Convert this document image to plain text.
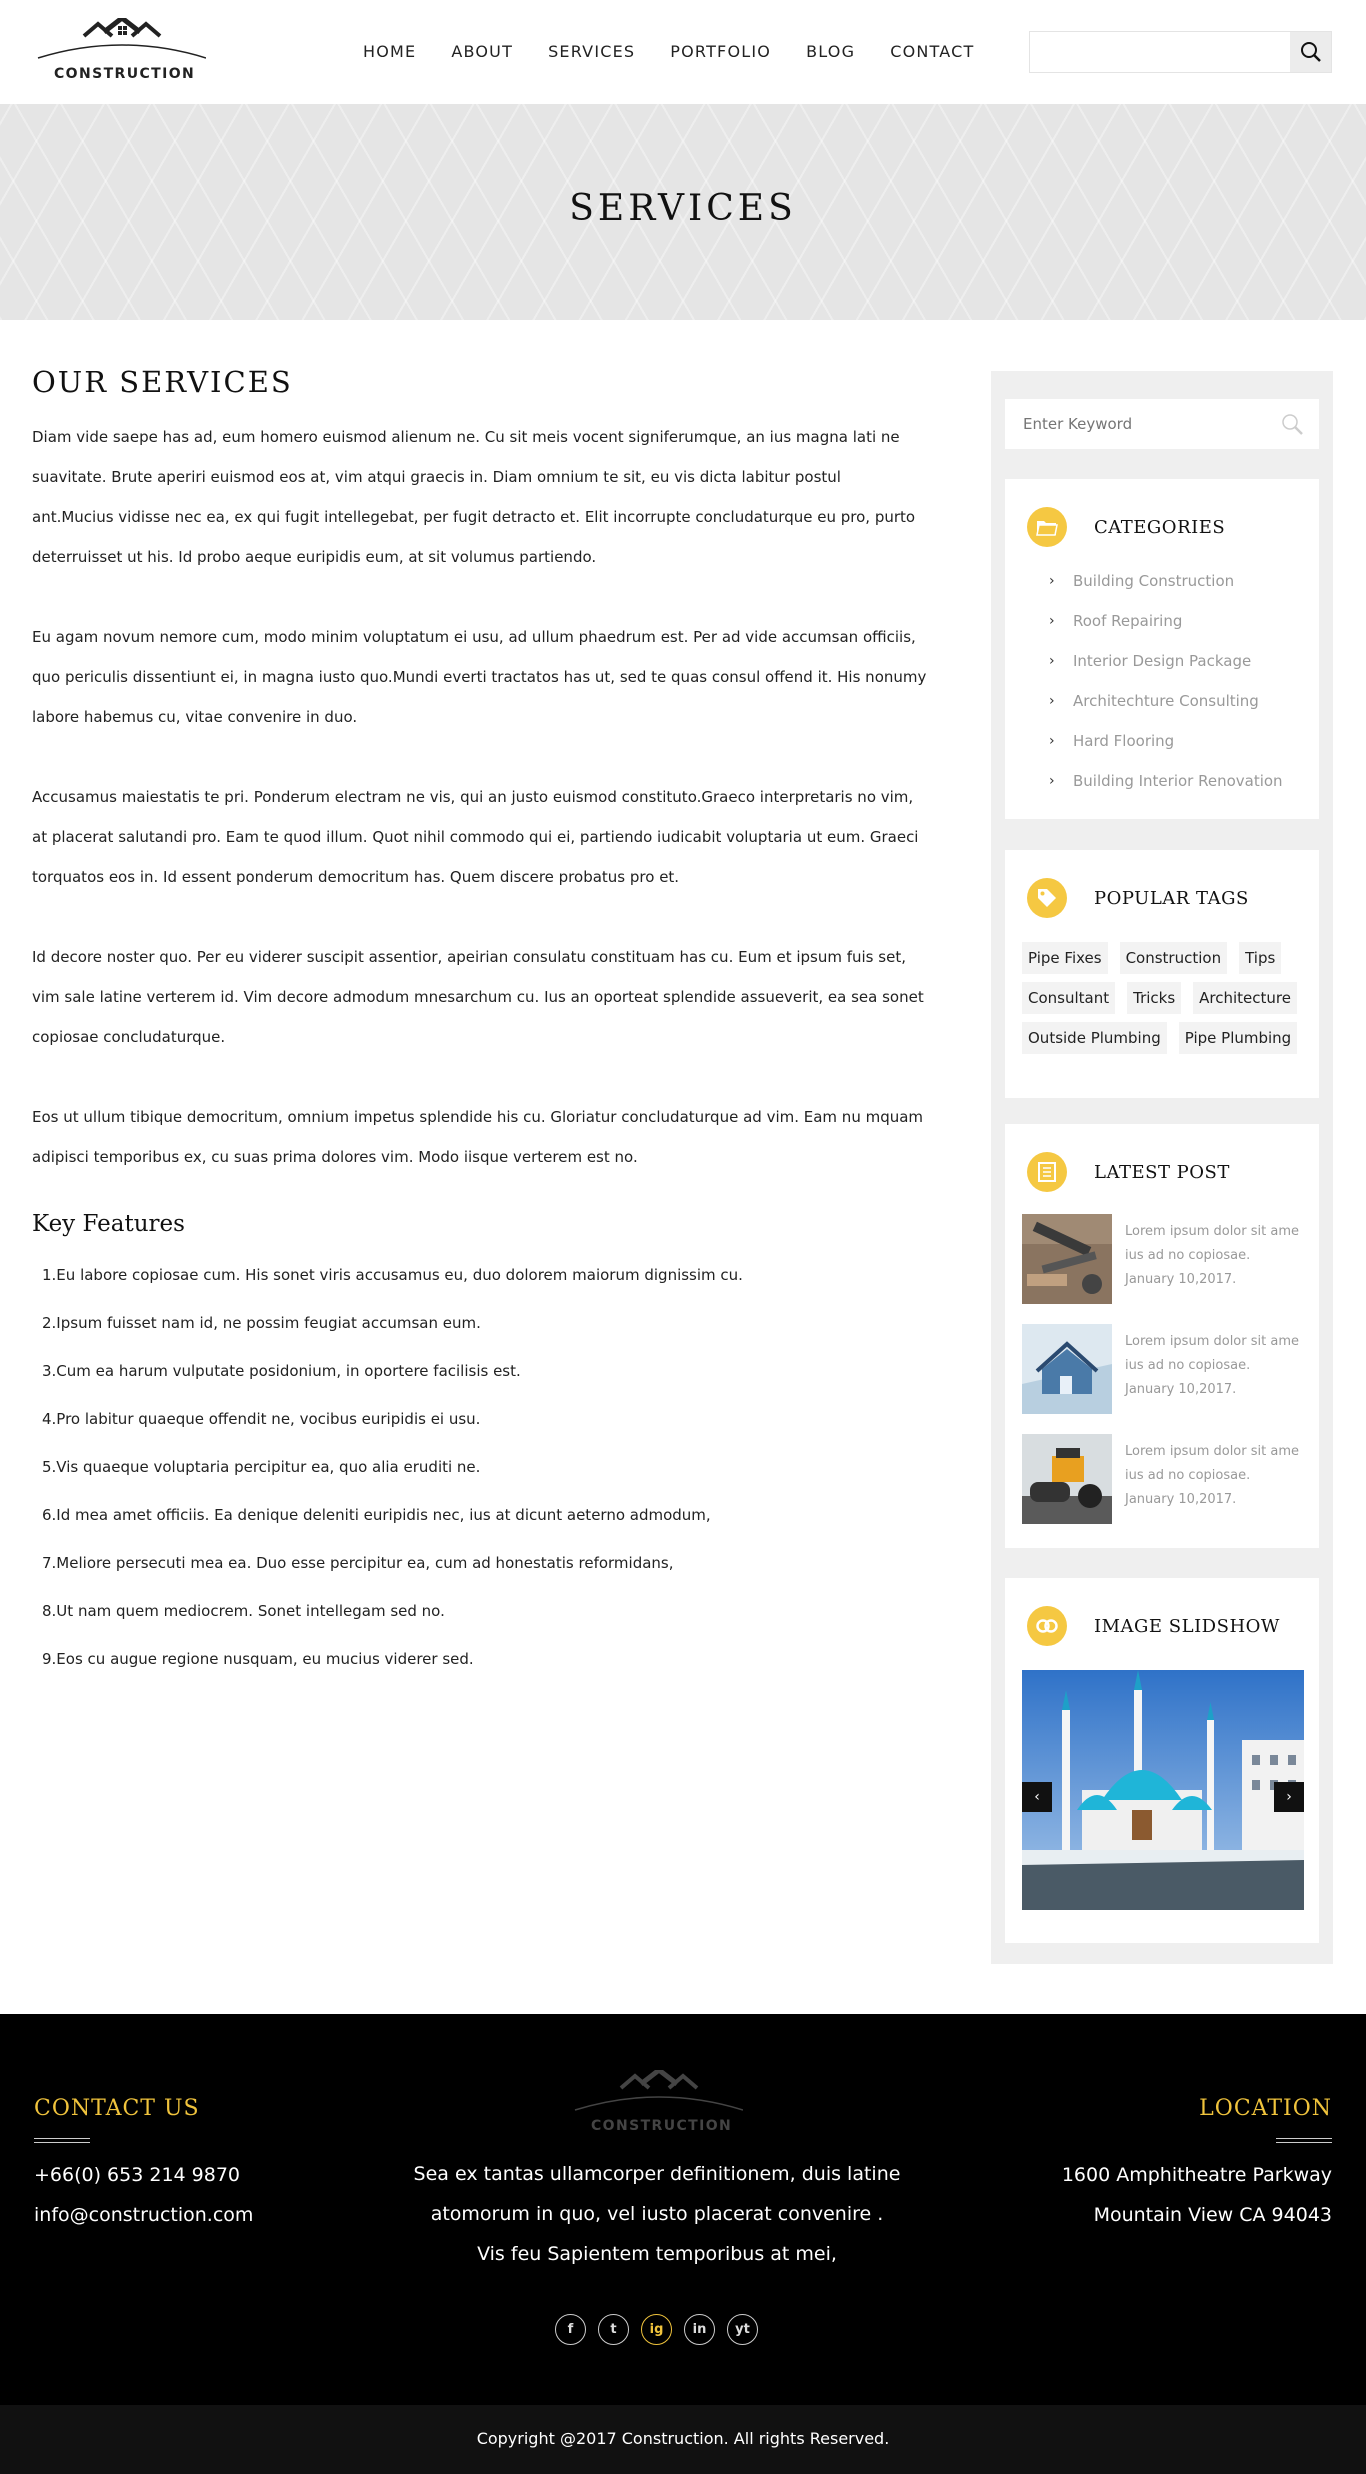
CONSTRUCTION
HOME ABOUT SERVICES PORTFOLIO BLOG CONTACT
SERVICES
OUR SERVICES

Diam vide saepe has ad, eum homero euismod alienum ne. Cu sit meis vocent signiferumque, an ius magna lati ne suavitate. Brute aperiri euismod eos at, vim atqui graecis in. Diam omnium te sit, eu vis dicta labitur postul ant.Mucius vidisse nec ea, ex qui fugit intellegebat, per fugit detracto et. Elit incorrupte concludaturque eu pro, purto deterruisset ut his. Id probo aeque euripidis eum, at sit volumus partiendo.

Eu agam novum nemore cum, modo minim voluptatum ei usu, ad ullum phaedrum est. Per ad vide accumsan officiis, quo periculis dissentiunt ei, in magna iusto quo.Mundi everti tractatos has ut, sed te quas consul offend it. His nonumy labore habemus cu, vitae convenire in duo.

Accusamus maiestatis te pri. Ponderum electram ne vis, qui an justo euismod constituto.Graeco interpretaris no vim, at placerat salutandi pro. Eam te quod illum. Quot nihil commodo qui ei, partiendo iudicabit voluptaria ut eum. Graeci torquatos eos in. Id essent ponderum democritum has. Quem discere probatus pro et.

Id decore noster quo. Per eu viderer suscipit assentior, apeirian consulatu constituam has cu. Eum et ipsum fuis set, vim sale latine verterem id. Vim decore admodum mnesarchum cu. Ius an oporteat splendide assueverit, ea sea sonet copiosae concludaturque.

Eos ut ullum tibique democritum, omnium impetus splendide his cu. Gloriatur concludaturque ad vim. Eam nu mquam adipisci temporibus ex, cu suas prima dolores vim. Modo iisque verterem est no.

Key Features
1.Eu labore copiosae cum. His sonet viris accusamus eu, duo dolorem maiorum dignissim cu.
2.Ipsum fuisset nam id, ne possim feugiat accumsan eum.
3.Cum ea harum vulputate posidonium, in oportere facilisis est.
4.Pro labitur quaeque offendit ne, vocibus euripidis ei usu.
5.Vis quaeque voluptaria percipitur ea, quo alia eruditi ne.
6.Id mea amet officiis. Ea denique deleniti euripidis nec, ius at dicunt aeterno admodum,
7.Meliore persecuti mea ea. Duo esse percipitur ea, cum ad honestatis reformidans,
8.Ut nam quem mediocrem. Sonet intellegam sed no.
9.Eos cu augue regione nusquam, eu mucius viderer sed.
Enter Keyword
CATEGORIES
› Building Construction
› Roof Repairing
› Interior Design Package
› Architechture Consulting
› Hard Flooring
› Building Interior Renovation
POPULAR TAGS
Pipe Fixes	Construction	Tips
Consultant	Tricks	Architecture
Outside Plumbing	Pipe Plumbing
LATEST POST
Lorem ipsum dolor sit ame
ius ad no copiosae.
January 10,2017.
Lorem ipsum dolor sit ame
ius ad no copiosae.
January 10,2017.
Lorem ipsum dolor sit ame
ius ad no copiosae.
January 10,2017.
IMAGE SLIDSHOW
‹	›
CONTACT US
+66(0) 653 214 9870
info@construction.com
CONSTRUCTION
Sea ex tantas ullamcorper definitionem, duis latine
atomorum in quo, vel iusto placerat convenire .
Vis feu Sapientem temporibus at mei,
LOCATION
1600 Amphitheatre Parkway
Mountain View CA 94043
f	t	ig	in	yt
Copyright @2017 Construction. All rights Reserved.
